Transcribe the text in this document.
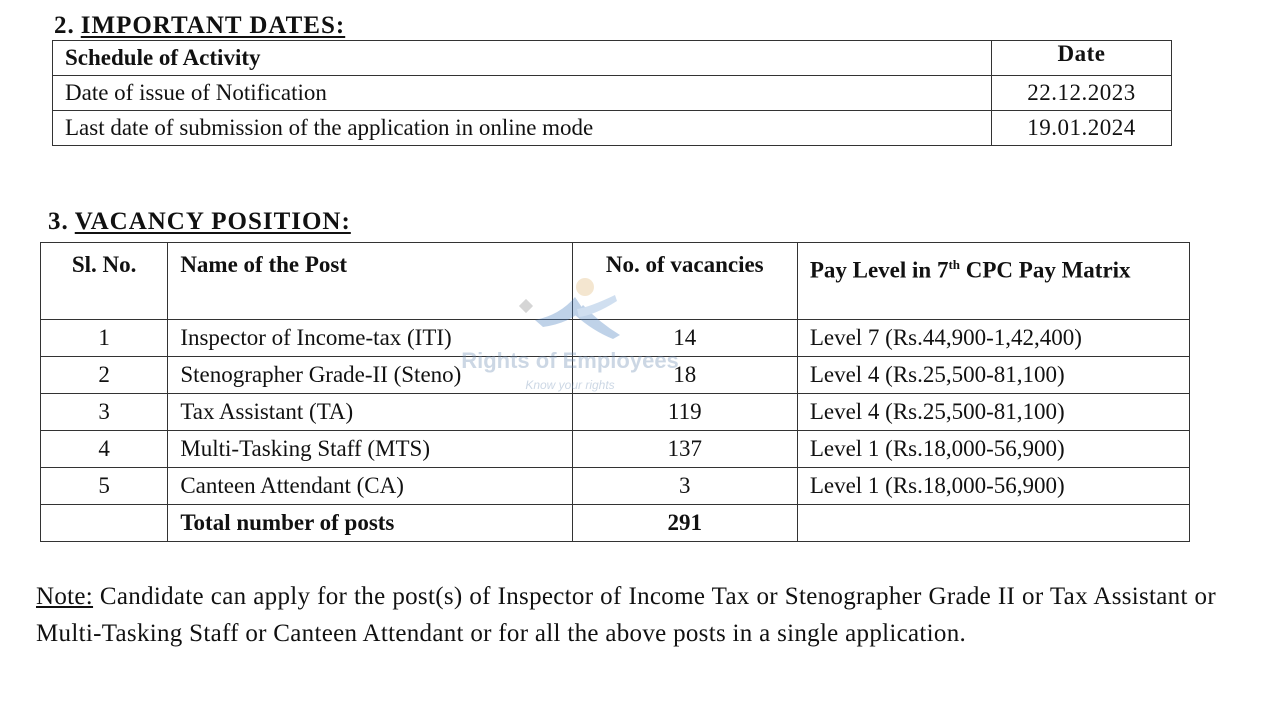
2. IMPORTANT DATES:
Schedule of Activity	Date
Date of issue of Notification	22.12.2023
Last date of submission of the application in online mode	19.01.2024
3. VACANCY POSITION:
Sl. No.	Name of the Post	No. of vacancies	Pay Level in 7th CPC Pay Matrix
1	Inspector of Income-tax (ITI)	14	Level 7 (Rs.44,900-1,42,400)
2	Stenographer Grade-II (Steno)	18	Level 4 (Rs.25,500-81,100)
3	Tax Assistant (TA)	119	Level 4 (Rs.25,500-81,100)
4	Multi-Tasking Staff (MTS)	137	Level 1 (Rs.18,000-56,900)
5	Canteen Attendant (CA)	3	Level 1 (Rs.18,000-56,900)
	Total number of posts	291	
Rights of Employees
Know your rights
Note: Candidate can apply for the post(s) of Inspector of Income Tax or Stenographer Grade II or Tax Assistant or Multi-Tasking Staff or Canteen Attendant or for all the above posts in a single application.
